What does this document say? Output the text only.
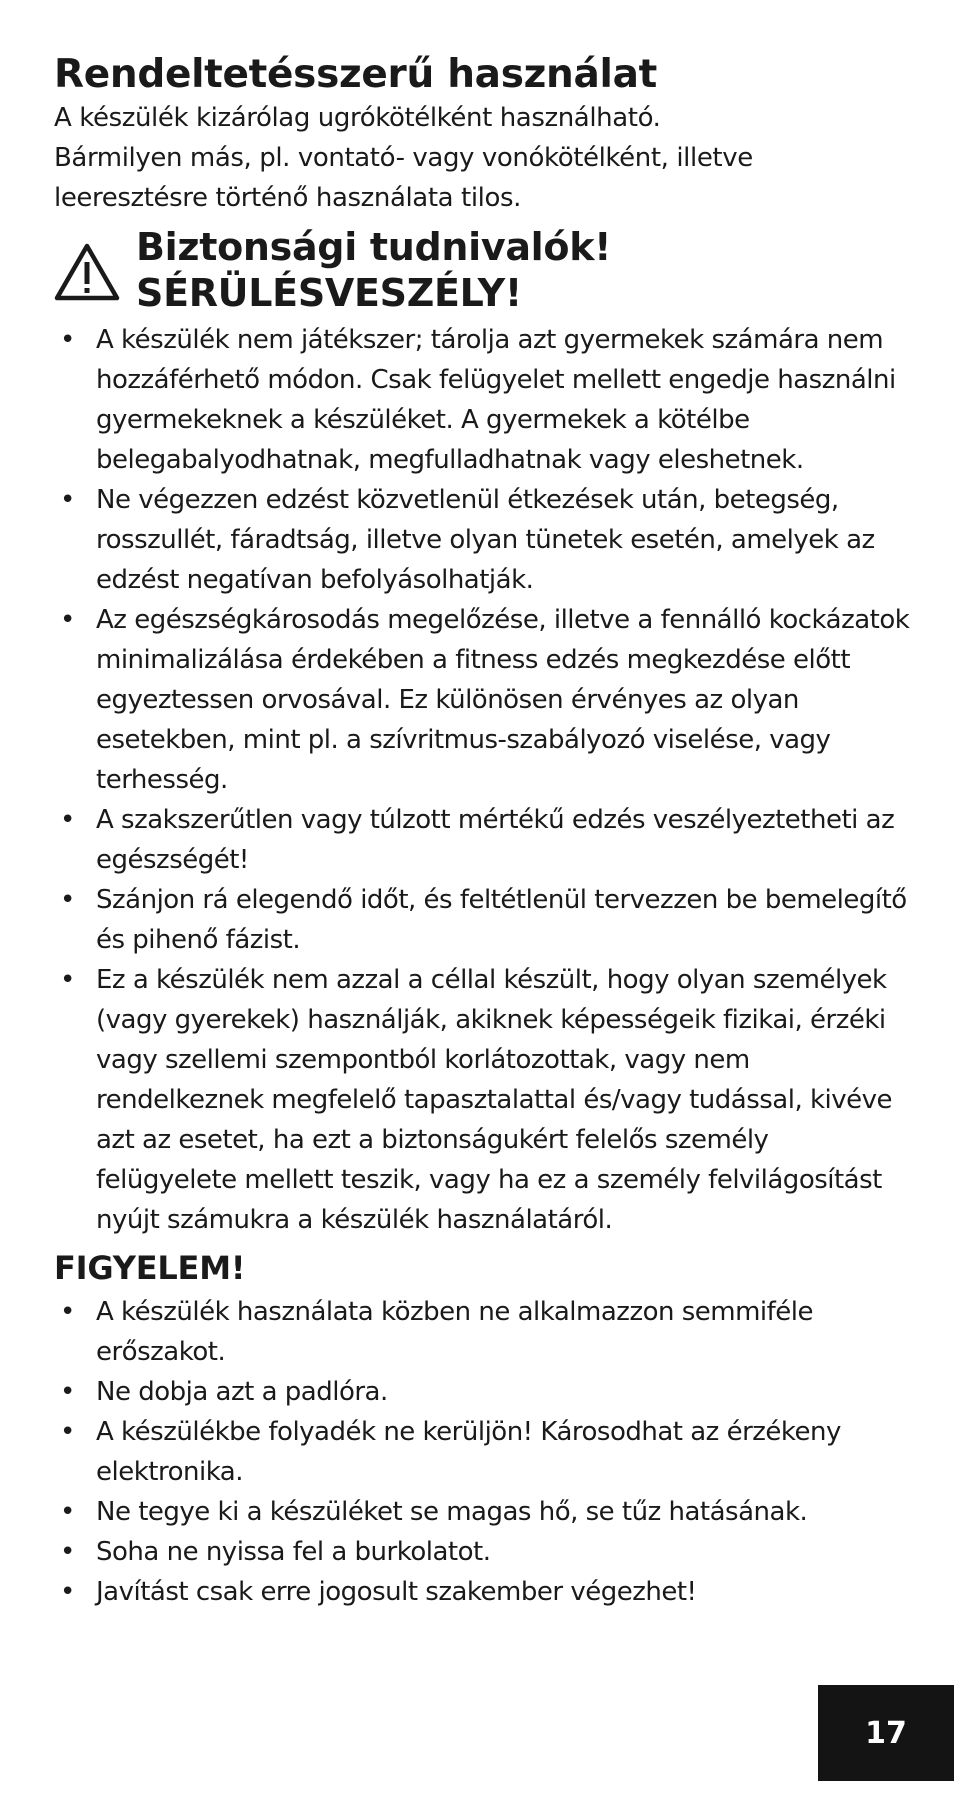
Rendeltetésszerű használat

A készülék kizárólag ugrókötélként használható.

Bármilyen más, pl. vontató- vagy vonókötélként, illetve

leeresztésre történő használata tilos.

Biztonsági tudnivalók!
SÉRÜLÉSVESZÉLY!
• A készülék nem játékszer; tárolja azt gyermekek számára nem hozzáférhető módon. Csak felügyelet mellett engedje használni gyermekeknek a készüléket. A gyermekek a kötélbe belegabalyodhatnak, megfulladhatnak vagy eleshetnek.
• Ne végezzen edzést közvetlenül étkezések után, betegség, rosszullét, fáradtság, illetve olyan tünetek esetén, amelyek az edzést negatívan befolyásolhatják.
• Az egészségkárosodás megelőzése, illetve a fennálló kockázatok minimalizálása érdekében a fitness edzés megkezdése előtt egyeztessen orvosával. Ez különösen érvényes az olyan esetekben, mint pl. a szívritmus-szabályozó viselése, vagy terhesség.
• A szakszerűtlen vagy túlzott mértékű edzés veszélyeztetheti az egészségét!
• Szánjon rá elegendő időt, és feltétlenül tervezzen be bemelegítő és pihenő fázist.
• Ez a készülék nem azzal a céllal készült, hogy olyan személyek (vagy gyerekek) használják, akiknek képességeik fizikai, érzéki vagy szellemi szempontból korlátozottak, vagy nem rendelkeznek megfelelő tapasztalattal és/vagy tudással, kivéve azt az esetet, ha ezt a biztonságukért felelős személy felügyelete mellett teszik, vagy ha ez a személy felvilágosítást nyújt számukra a készülék használatáról.
FIGYELEM!
• A készülék használata közben ne alkalmazzon semmiféle erőszakot.
• Ne dobja azt a padlóra.
• A készülékbe folyadék ne kerüljön! Károsodhat az érzékeny elektronika.
• Ne tegye ki a készüléket se magas hő, se tűz hatásának.
• Soha ne nyissa fel a burkolatot.
• Javítást csak erre jogosult szakember végezhet!
17
